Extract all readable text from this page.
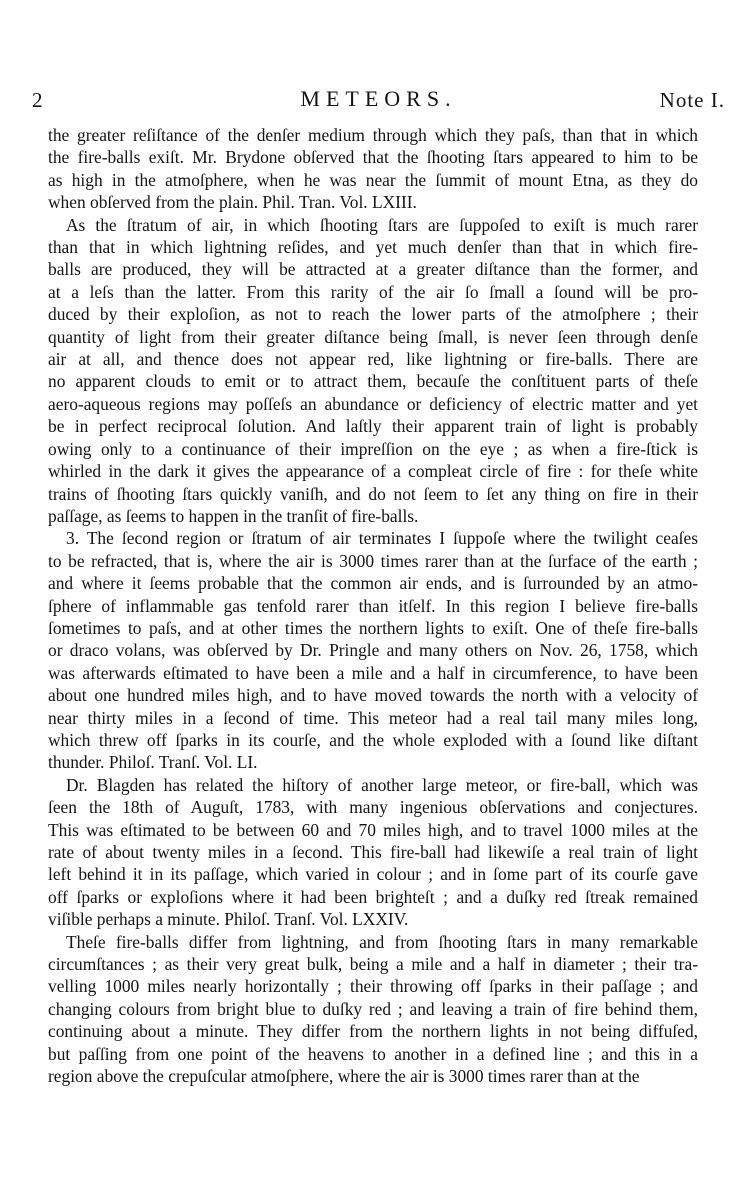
2	METEORS.	Note I.

the greater reſiſtance of the denſer medium through which they paſs, than that in which
the fire-balls exiſt. Mr. Brydone obſerved that the ſhooting ſtars appeared to him to be
as high in the atmoſphere, when he was near the ſummit of mount Etna, as they do
when obſerved from the plain. Phil. Tran. Vol. LXIII.

As the ſtratum of air, in which ſhooting ſtars are ſuppoſed to exiſt is much rarer
than that in which lightning reſides, and yet much denſer than that in which fire-
balls are produced, they will be attracted at a greater diſtance than the former, and
at a leſs than the latter. From this rarity of the air ſo ſmall a ſound will be pro-
duced by their exploſion, as not to reach the lower parts of the atmoſphere ; their
quantity of light from their greater diſtance being ſmall, is never ſeen through denſe
air at all, and thence does not appear red, like lightning or fire-balls. There are
no apparent clouds to emit or to attract them, becauſe the conſtituent parts of theſe
aero-aqueous regions may poſſeſs an abundance or deficiency of electric matter and yet
be in perfect reciprocal ſolution. And laſtly their apparent train of light is probably
owing only to a continuance of their impreſſion on the eye ; as when a fire-ſtick is
whirled in the dark it gives the appearance of a compleat circle of fire : for theſe white
trains of ſhooting ſtars quickly vaniſh, and do not ſeem to ſet any thing on fire in their
paſſage, as ſeems to happen in the tranſit of fire-balls.

3. The ſecond region or ſtratum of air terminates I ſuppoſe where the twilight ceaſes
to be refracted, that is, where the air is 3000 times rarer than at the ſurface of the earth ;
and where it ſeems probable that the common air ends, and is ſurrounded by an atmo-
ſphere of inflammable gas tenfold rarer than itſelf. In this region I believe fire-balls
ſometimes to paſs, and at other times the northern lights to exiſt. One of theſe fire-balls
or draco volans, was obſerved by Dr. Pringle and many others on Nov. 26, 1758, which
was afterwards eſtimated to have been a mile and a half in circumference, to have been
about one hundred miles high, and to have moved towards the north with a velocity of
near thirty miles in a ſecond of time. This meteor had a real tail many miles long,
which threw off ſparks in its courſe, and the whole exploded with a ſound like diſtant
thunder. Philoſ. Tranſ. Vol. LI.

Dr. Blagden has related the hiſtory of another large meteor, or fire-ball, which was
ſeen the 18th of Auguſt, 1783, with many ingenious obſervations and conjectures.
This was eſtimated to be between 60 and 70 miles high, and to travel 1000 miles at the
rate of about twenty miles in a ſecond. This fire-ball had likewiſe a real train of light
left behind it in its paſſage, which varied in colour ; and in ſome part of its courſe gave
off ſparks or exploſions where it had been brighteſt ; and a duſky red ſtreak remained
viſible perhaps a minute. Philoſ. Tranſ. Vol. LXXIV.

Theſe fire-balls differ from lightning, and from ſhooting ſtars in many remarkable
circumſtances ; as their very great bulk, being a mile and a half in diameter ; their tra-
velling 1000 miles nearly horizontally ; their throwing off ſparks in their paſſage ; and
changing colours from bright blue to duſky red ; and leaving a train of fire behind them,
continuing about a minute. They differ from the northern lights in not being diffuſed,
but paſſing from one point of the heavens to another in a defined line ; and this in a
region above the crepuſcular atmoſphere, where the air is 3000 times rarer than at the
